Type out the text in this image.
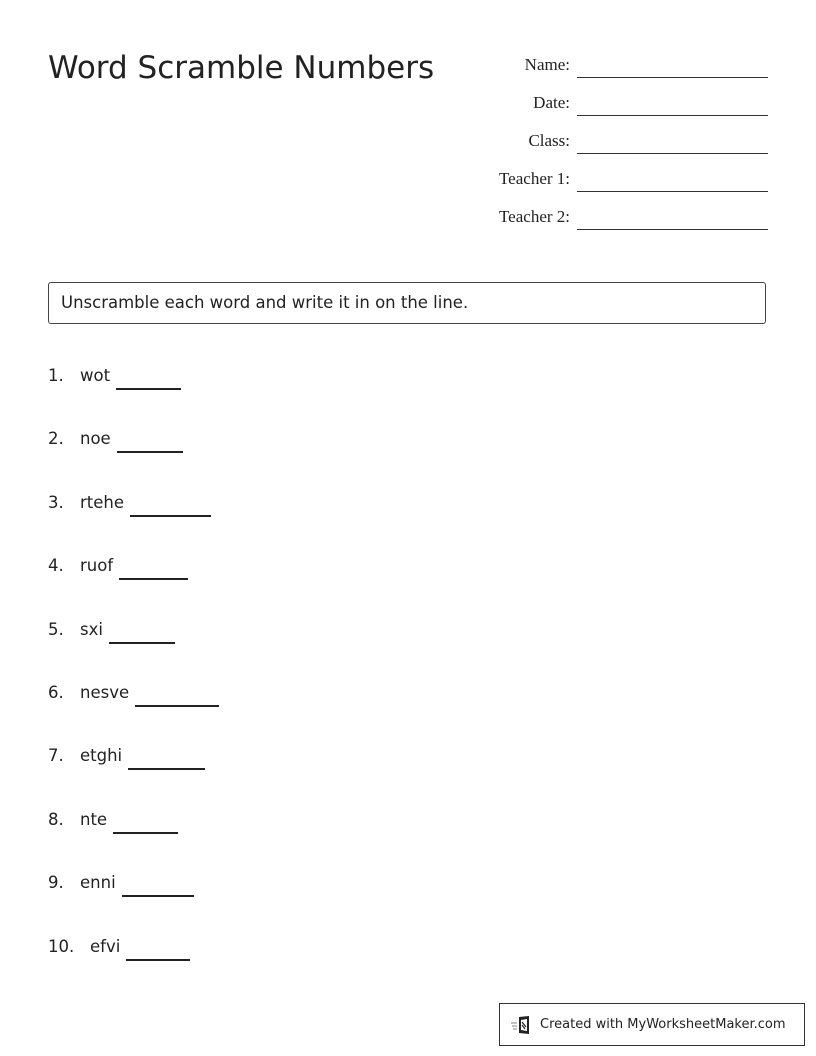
Word Scramble Numbers	Name:
Date:
Class:
Teacher 1:
Teacher 2:
Unscramble each word and write it in on the line.
1. wot
2. noe
3. rtehe
4. ruof
5. sxi
6. nesve
7. etghi
8. nte
9. enni
10. efvi
Created with MyWorksheetMaker.com
